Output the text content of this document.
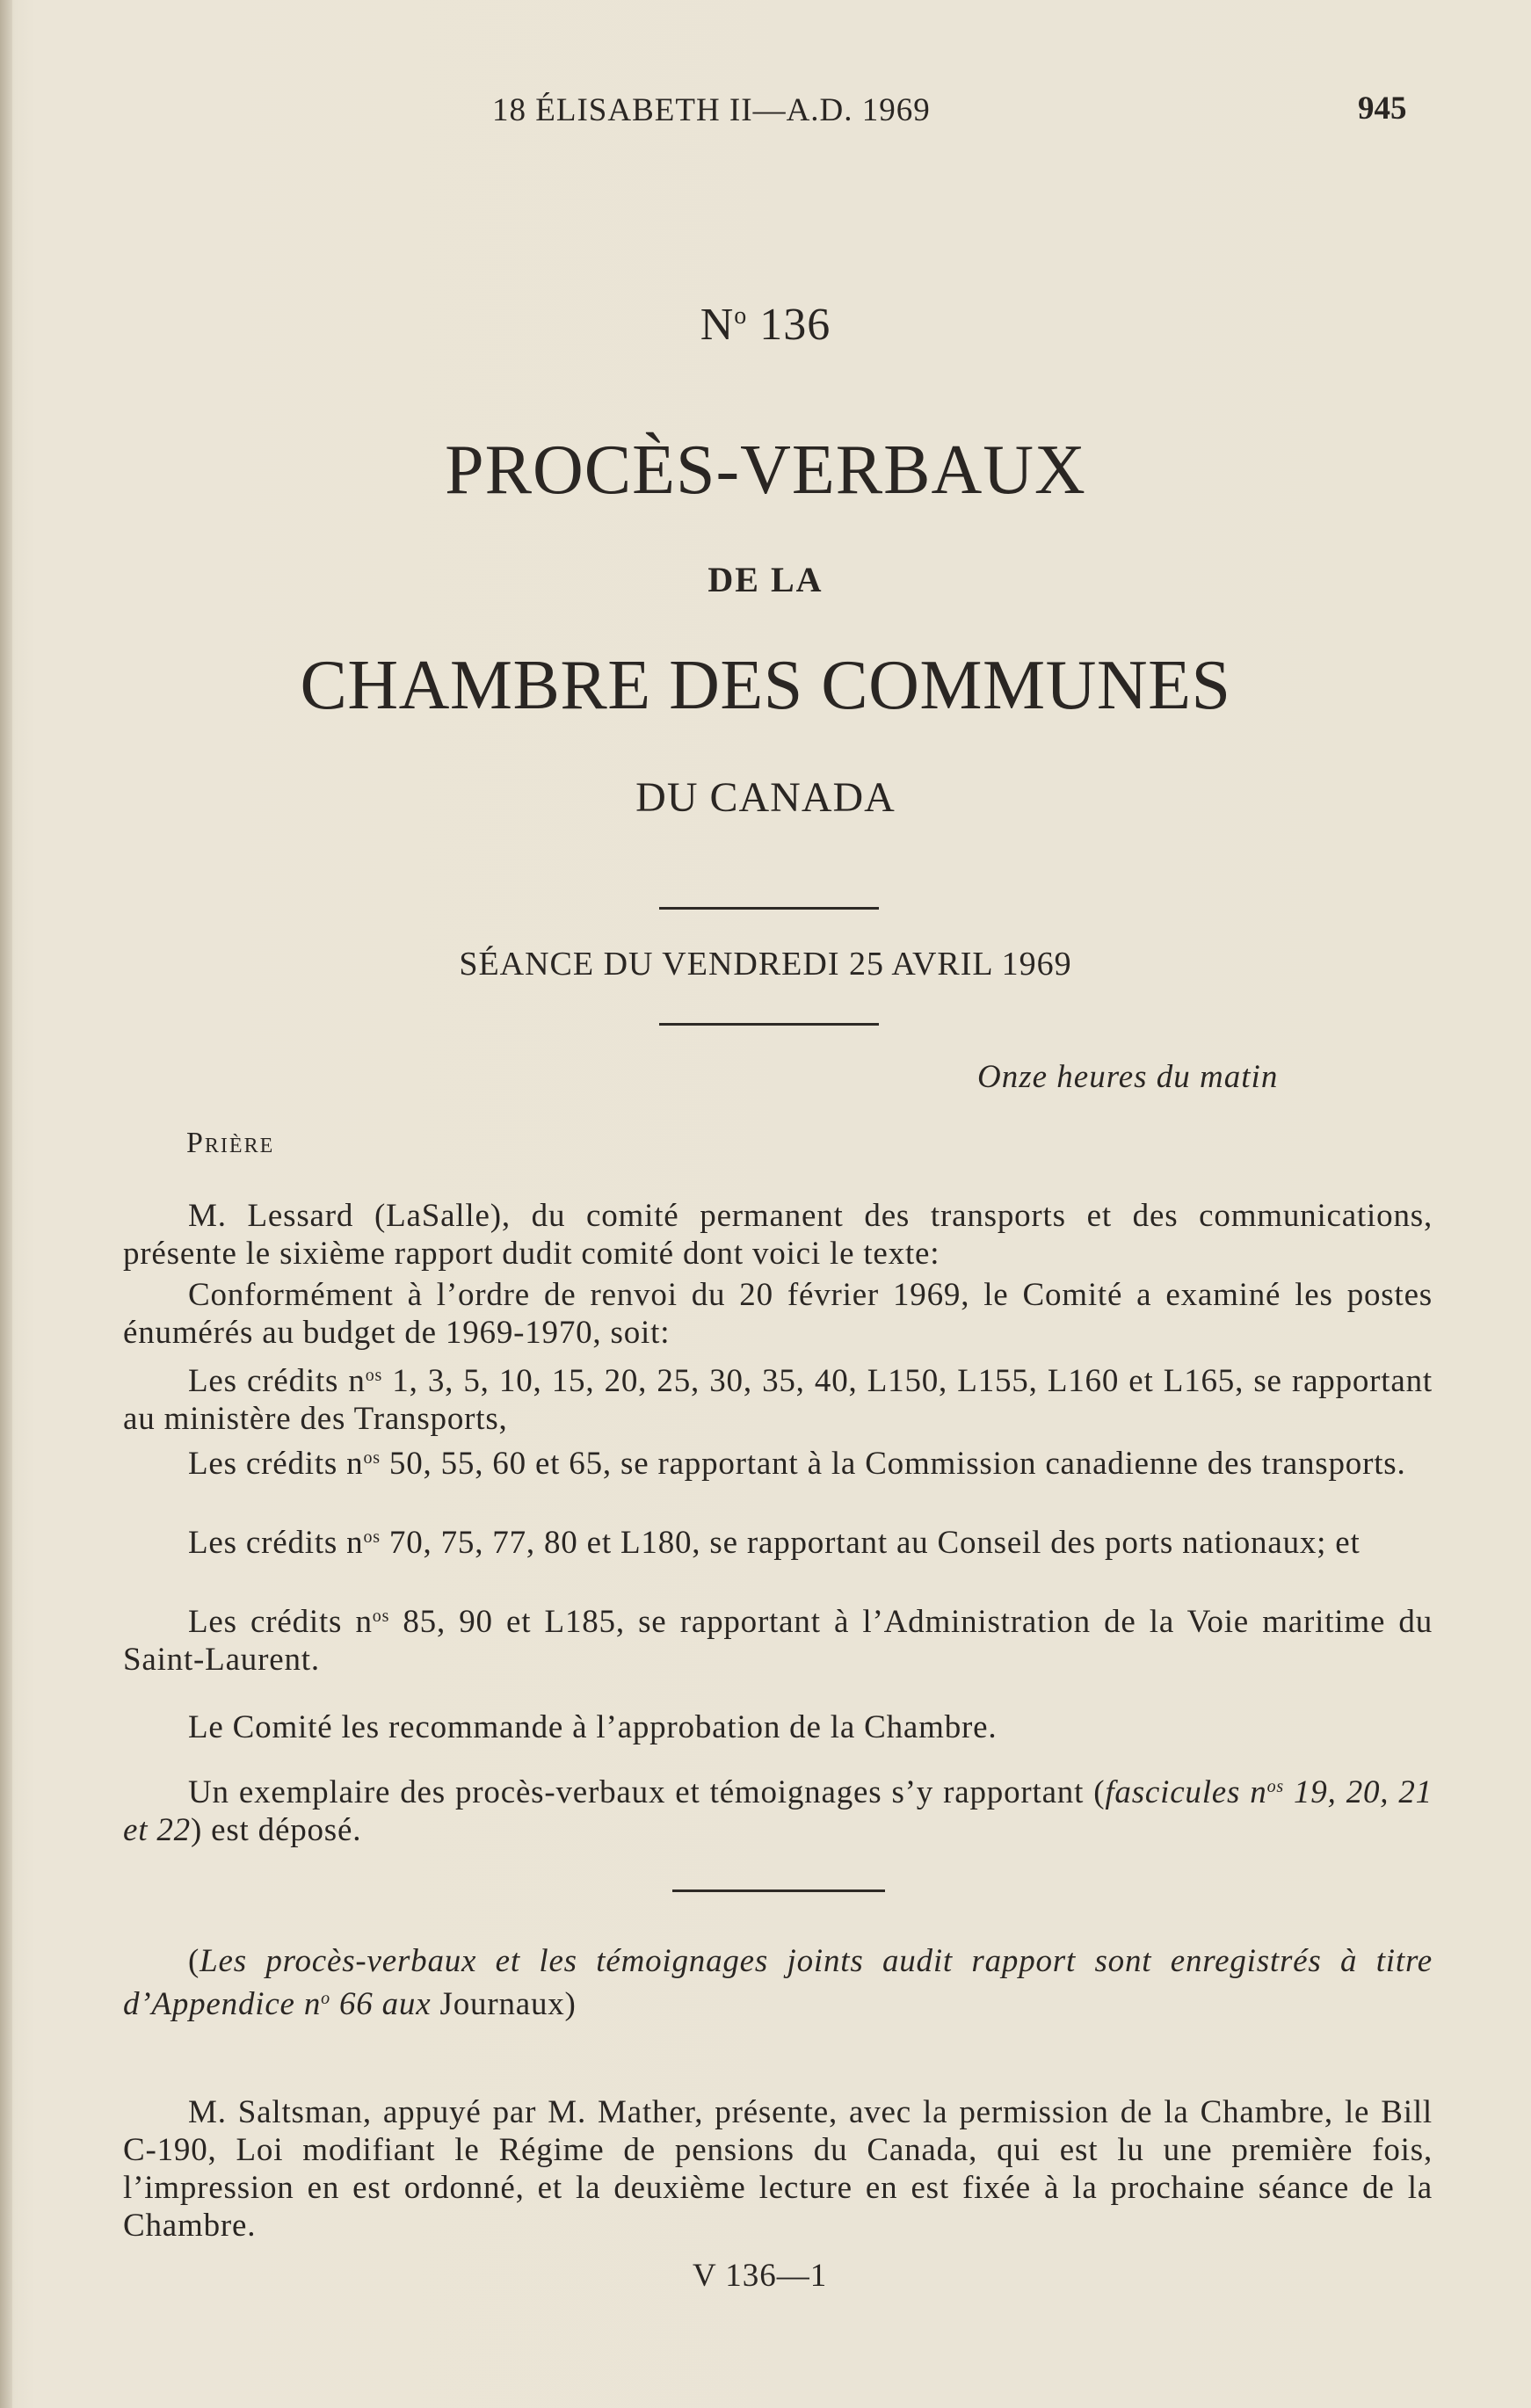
18 ÉLISABETH II—A.D. 1969	945
$N^o$ 136
PROCÈS-VERBAUX
DE LA
CHAMBRE DES COMMUNES
DU CANADA
SÉANCE DU VENDREDI 25 AVRIL 1969
Onze heures du matin
Prière
M. Lessard (LaSalle), du comité permanent des transports et des communications, présente le sixième rapport dudit comité dont voici le texte:
Conformément à l’ordre de renvoi du 20 février 1969, le Comité a examiné les postes énumérés au budget de 1969-1970, soit:
Les crédits $n^{os}$ 1, 3, 5, 10, 15, 20, 25, 30, 35, 40, L150, L155, L160 et L165, se rapportant au ministère des Transports,
Les crédits $n^{os}$ 50, 55, 60 et 65, se rapportant à la Commission canadienne des transports.
Les crédits $n^{os}$ 70, 75, 77, 80 et L180, se rapportant au Conseil des ports nationaux; et
Les crédits $n^{os}$ 85, 90 et L185, se rapportant à l’Administration de la Voie maritime du Saint-Laurent.
Le Comité les recommande à l’approbation de la Chambre.
Un exemplaire des procès-verbaux et témoignages s’y rapportant (fascicules $n^{os}$ 19, 20, 21 et 22) est déposé.
(Les procès-verbaux et les témoignages joints audit rapport sont enregistrés à titre d’Appendice $n^o$ 66 aux Journaux)
M. Saltsman, appuyé par M. Mather, présente, avec la permission de la Chambre, le Bill C-190, Loi modifiant le Régime de pensions du Canada, qui est lu une première fois, l’impression en est ordonné, et la deuxième lecture en est fixée à la prochaine séance de la Chambre.
V 136—1
